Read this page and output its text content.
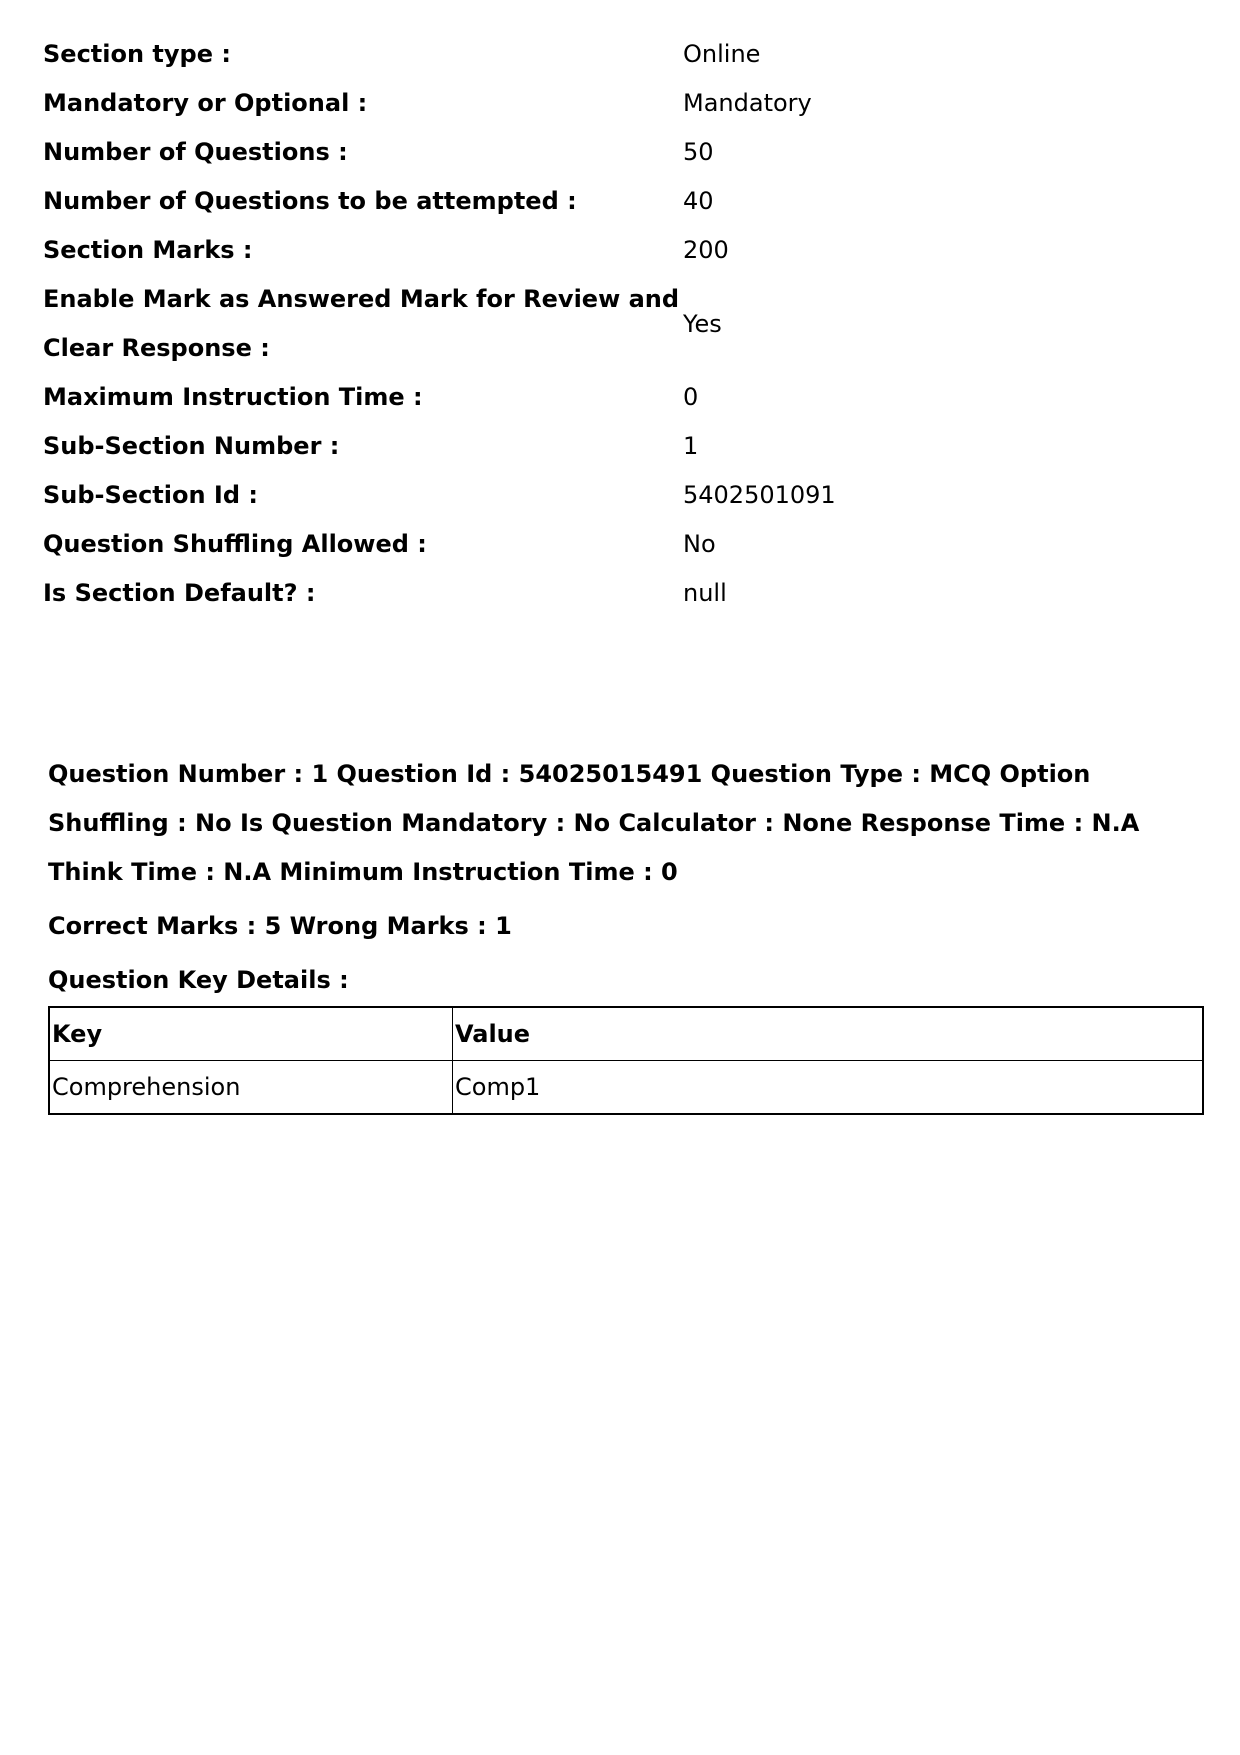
Section type :	Online
Mandatory or Optional :	Mandatory
Number of Questions :	50
Number of Questions to be attempted :	40
Section Marks :	200
Enable Mark as Answered Mark for Review and Clear Response :	Yes
Maximum Instruction Time :	0
Sub-Section Number :	1
Sub-Section Id :	5402501091
Question Shuffling Allowed :	No
Is Section Default? :	null

Question Number : 1 Question Id : 54025015491 Question Type : MCQ Option Shuffling : No Is Question Mandatory : No Calculator : None Response Time : N.A Think Time : N.A Minimum Instruction Time : 0

Correct Marks : 5 Wrong Marks : 1

Question Key Details :

Key	Value
Comprehension	Comp1
